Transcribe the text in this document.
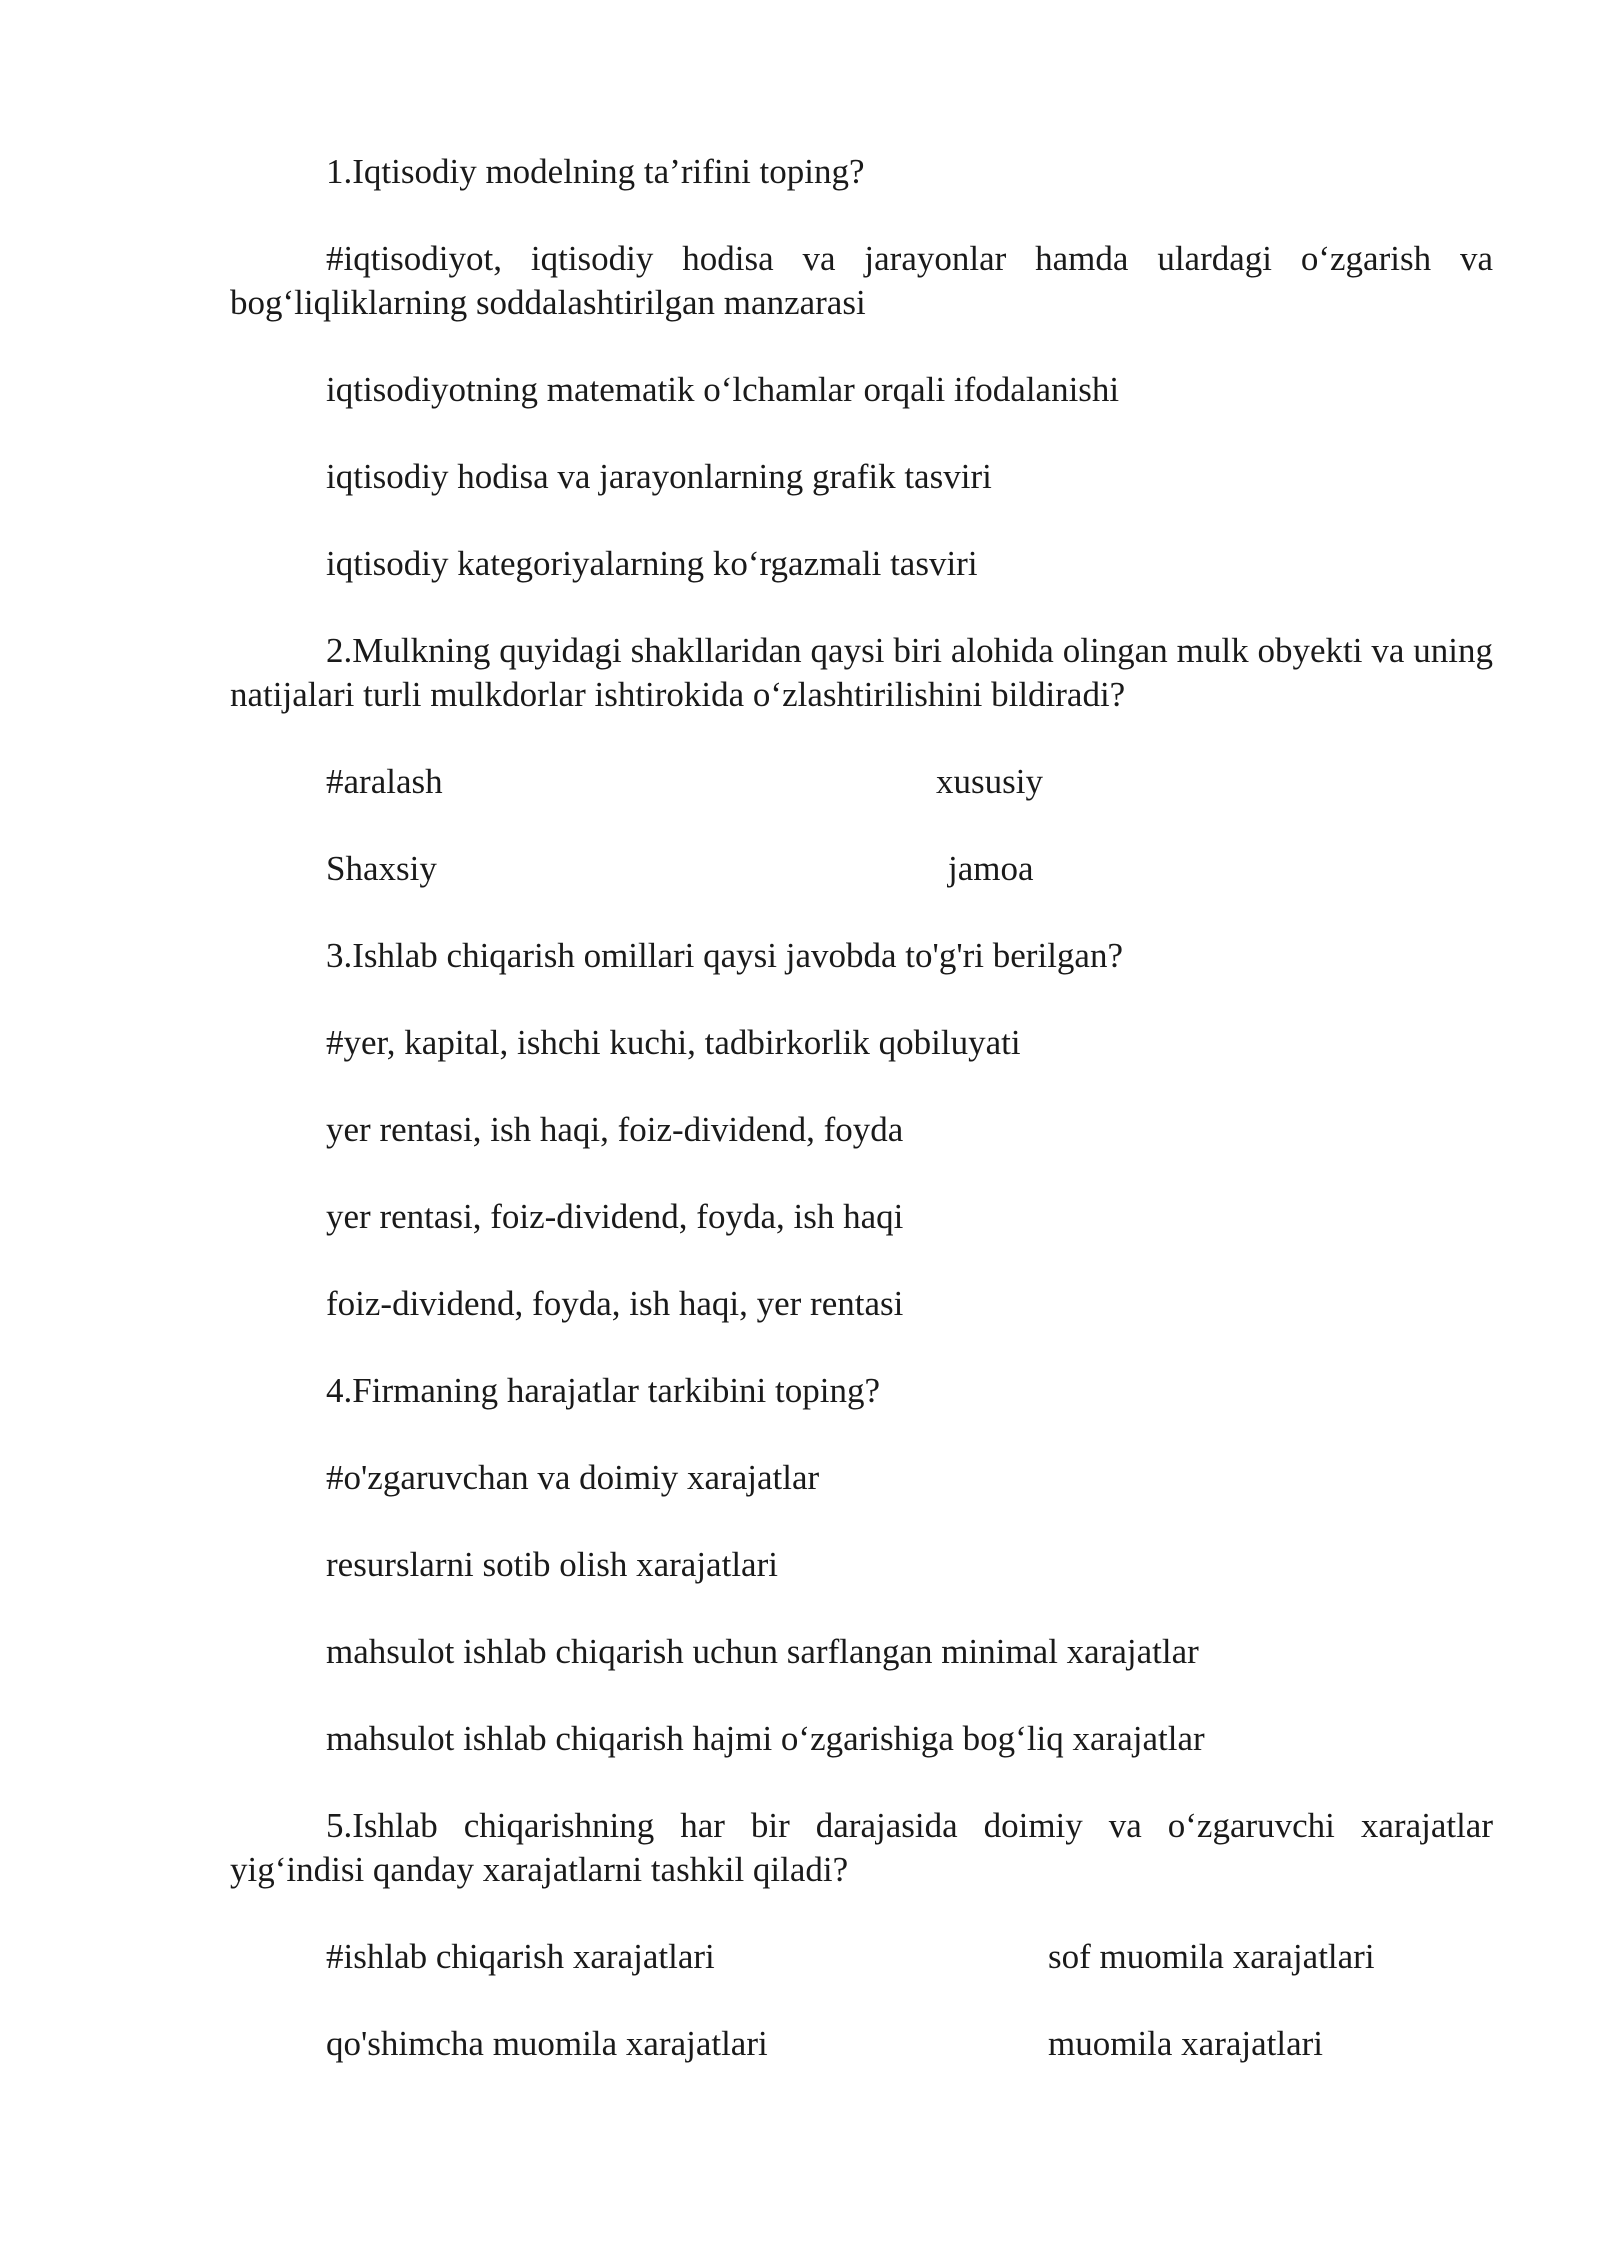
1.Iqtisodiy modelning ta’rifini toping?

#iqtisodiyot, iqtisodiy hodisa va jarayonlar hamda ulardagi o‘zgarish va bog‘liqliklarning soddalashtirilgan manzarasi

iqtisodiyotning matematik o‘lchamlar orqali ifodalanishi

iqtisodiy hodisa va jarayonlarning grafik tasviri

iqtisodiy kategoriyalarning ko‘rgazmali tasviri

2.Mulkning quyidagi shakllaridan qaysi biri alohida olingan mulk obyekti va uning natijalari turli mulkdorlar ishtirokida o‘zlashtirilishini bildiradi?

#aralash	xususiy
Shaxsiy	jamoa

3.Ishlab chiqarish omillari qaysi javobda to'g'ri berilgan?

#yer, kapital, ishchi kuchi, tadbirkorlik qobiluyati

yer rentasi, ish haqi, foiz-dividend, foyda

yer rentasi, foiz-dividend, foyda, ish haqi

foiz-dividend, foyda, ish haqi, yer rentasi

4.Firmaning harajatlar tarkibini toping?

#o'zgaruvchan va doimiy xarajatlar

resurslarni sotib olish xarajatlari

mahsulot ishlab chiqarish uchun sarflangan minimal xarajatlar

mahsulot ishlab chiqarish hajmi o‘zgarishiga bog‘liq xarajatlar

5.Ishlab chiqarishning har bir darajasida doimiy va o‘zgaruvchi xarajatlar yig‘indisi qanday xarajatlarni tashkil qiladi?

#ishlab chiqarish xarajatlari	sof muomila xarajatlari
qo'shimcha muomila xarajatlari	muomila xarajatlari
